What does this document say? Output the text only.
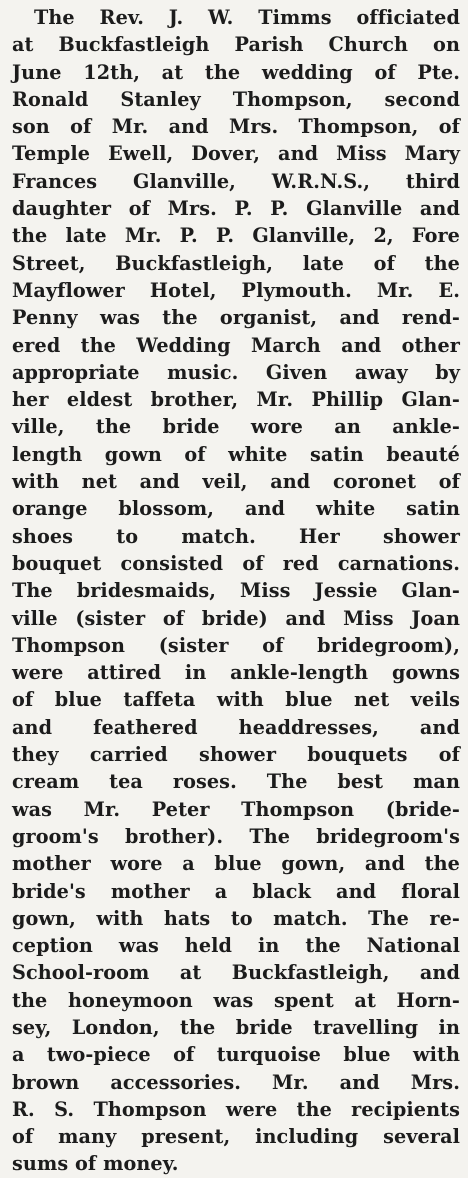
The Rev. J. W. Timms officiated
at Buckfastleigh Parish Church on
June 12th, at the wedding of Pte.
Ronald Stanley Thompson, second
son of Mr. and Mrs. Thompson, of
Temple Ewell, Dover, and Miss Mary
Frances Glanville, W.R.N.S., third
daughter of Mrs. P. P. Glanville and
the late Mr. P. P. Glanville, 2, Fore
Street, Buckfastleigh, late of the
Mayflower Hotel, Plymouth. Mr. E.
Penny was the organist, and rend-
ered the Wedding March and other
appropriate music. Given away by
her eldest brother, Mr. Phillip Glan-
ville, the bride wore an ankle-
length gown of white satin beauté
with net and veil, and coronet of
orange blossom, and white satin
shoes to match. Her shower
bouquet consisted of red carnations.
The bridesmaids, Miss Jessie Glan-
ville (sister of bride) and Miss Joan
Thompson (sister of bridegroom),
were attired in ankle-length gowns
of blue taffeta with blue net veils
and feathered headdresses, and
they carried shower bouquets of
cream tea roses. The best man
was Mr. Peter Thompson (bride-
groom's brother). The bridegroom's
mother wore a blue gown, and the
bride's mother a black and floral
gown, with hats to match. The re-
ception was held in the National
School-room at Buckfastleigh, and
the honeymoon was spent at Horn-
sey, London, the bride travelling in
a two-piece of turquoise blue with
brown accessories. Mr. and Mrs.
R. S. Thompson were the recipients
of many present, including several
sums of money.
